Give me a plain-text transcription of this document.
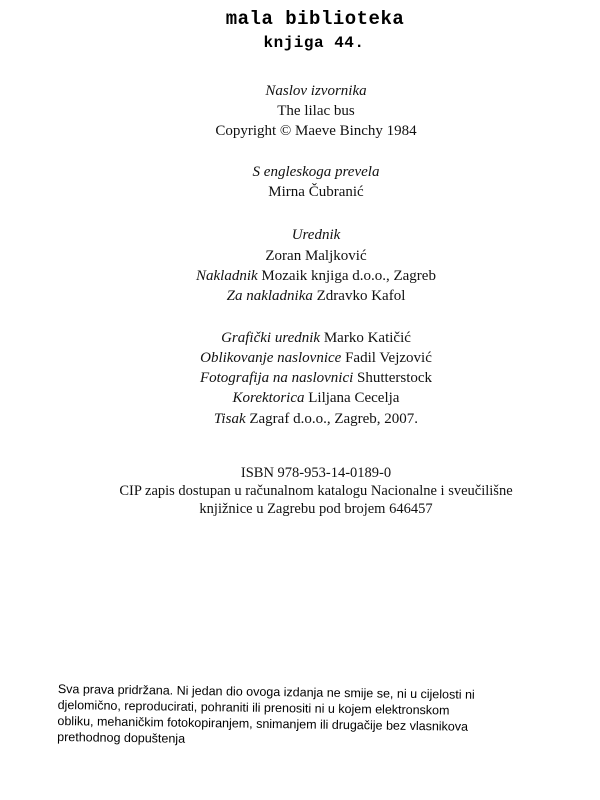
mala biblioteka
knjiga 44.
Naslov izvornika
The lilac bus
Copyright © Maeve Binchy 1984
S engleskoga prevela
Mirna Čubranić
Urednik
Zoran Maljković
Nakladnik Mozaik knjiga d.o.o., Zagreb
Za nakladnika Zdravko Kafol
Grafički urednik Marko Katičić
Oblikovanje naslovnice Fadil Vejzović
Fotografija na naslovnici Shutterstock
Korektorica Liljana Cecelja
Tisak Zagraf d.o.o., Zagreb, 2007.
ISBN 978-953-14-0189-0
CIP zapis dostupan u računalnom katalogu Nacionalne i sveučilišne
knjižnice u Zagrebu pod brojem 646457
Sva prava pridržana. Ni jedan dio ovoga izdanja ne smije se, ni u cijelosti ni
djelomično, reproducirati, pohraniti ili prenositi ni u kojem elektronskom
obliku, mehaničkim fotokopiranjem, snimanjem ili drugačije bez vlasnikova
prethodnog dopuštenja
